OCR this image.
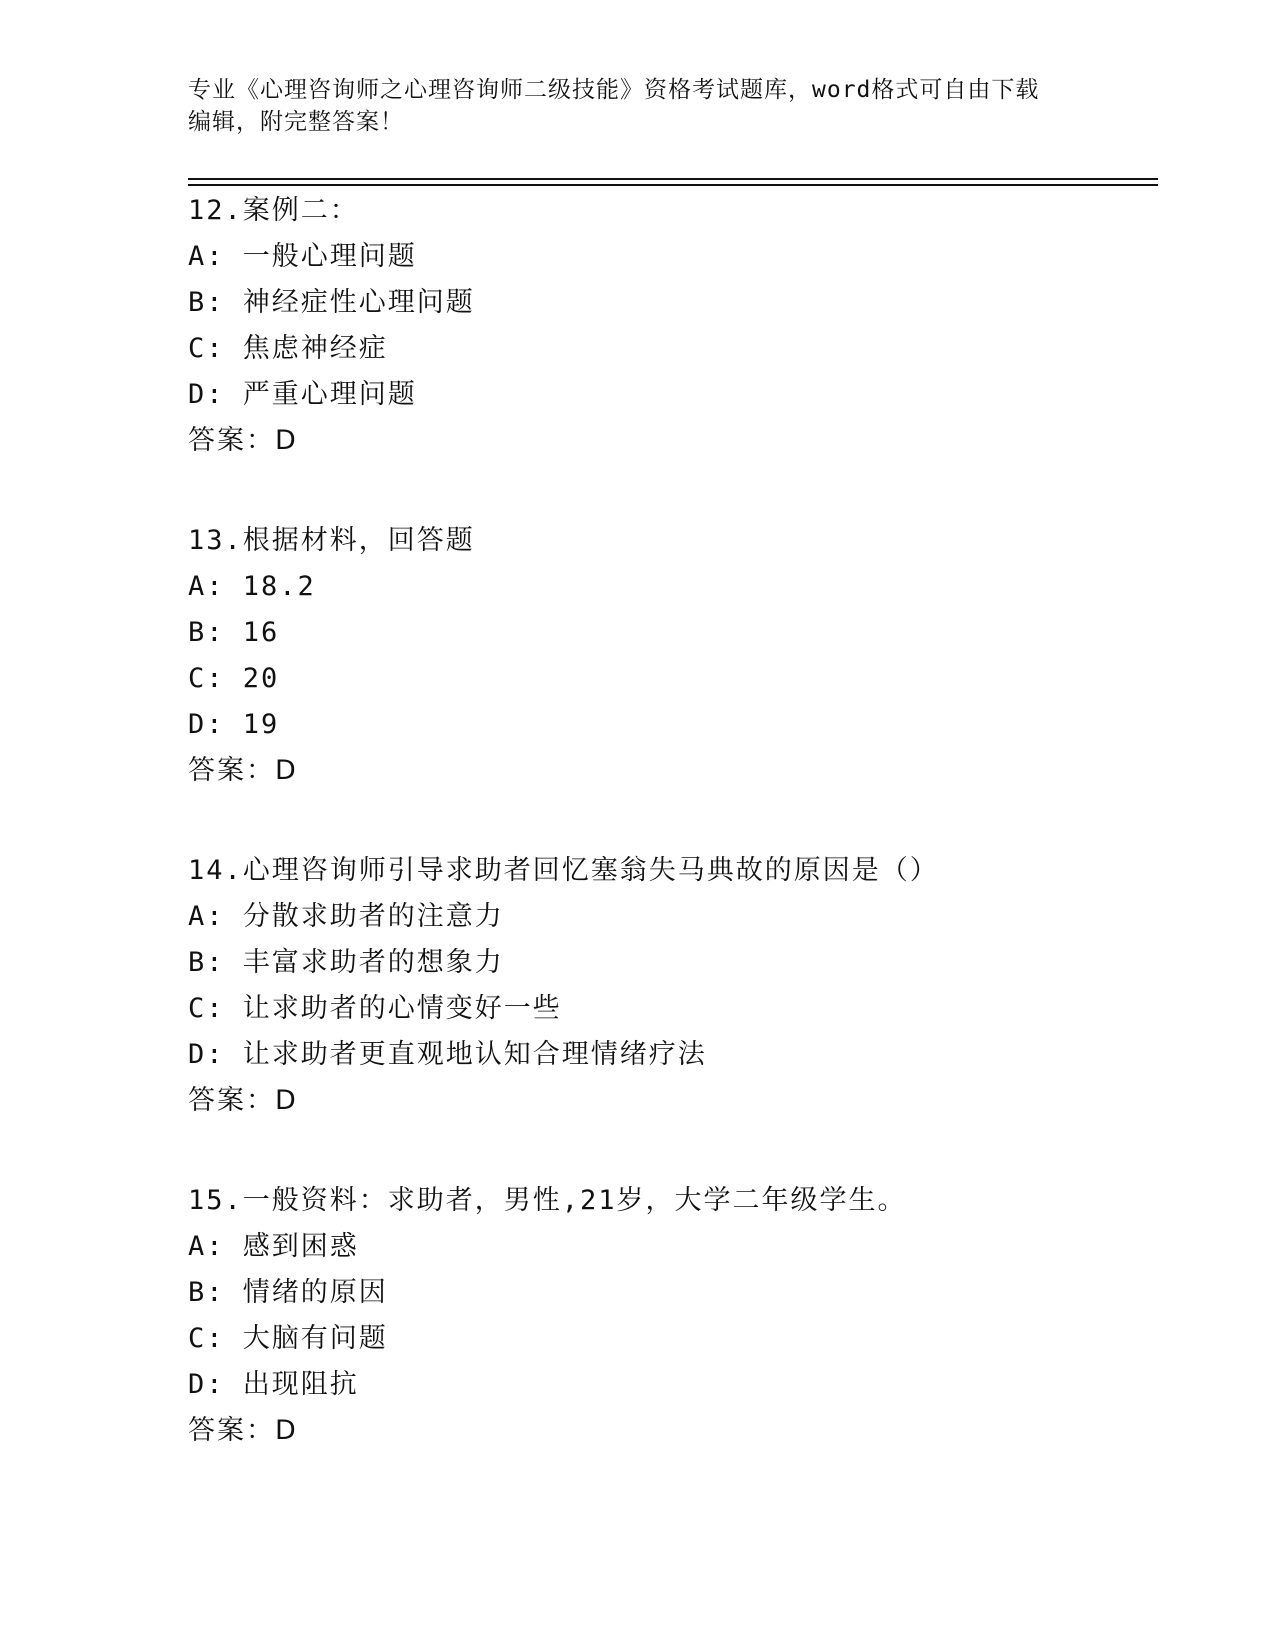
专业《心理咨询师之心理咨询师二级技能》资格考试题库，word格式可自由下载
编辑，附完整答案！
12.案例二：
A: 一般心理问题
B: 神经症性心理问题
C: 焦虑神经症
D: 严重心理问题
答案：D
13.根据材料，回答题
A: 18.2
B: 16
C: 20
D: 19
答案：D
14.心理咨询师引导求助者回忆塞翁失马典故的原因是（）
A: 分散求助者的注意力
B: 丰富求助者的想象力
C: 让求助者的心情变好一些
D: 让求助者更直观地认知合理情绪疗法
答案：D
15.一般资料：求助者，男性,21岁，大学二年级学生。
A: 感到困惑
B: 情绪的原因
C: 大脑有问题
D: 出现阻抗
答案：D
